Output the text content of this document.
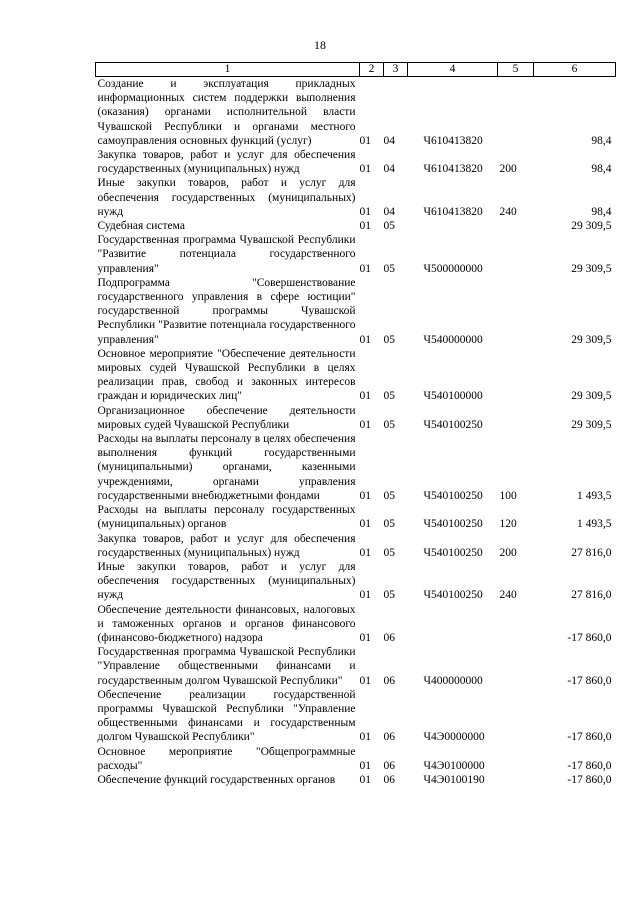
18
1	2	3	4	5	6
Создание и эксплуатация прикладных информационных систем поддержки выполнения (оказания) органами исполнительной власти Чувашской Республики и органами местного самоуправления основных функций (услуг)	01	04	Ч610413820		98,4
Закупка товаров, работ и услуг для обеспечения государственных (муниципальных) нужд	01	04	Ч610413820	200	98,4
Иные закупки товаров, работ и услуг для обеспечения государственных (муниципальных) нужд	01	04	Ч610413820	240	98,4
Судебная система	01	05			29 309,5
Государственная программа Чувашской Республики "Развитие потенциала государственного управления"	01	05	Ч500000000		29 309,5
Подпрограмма "Совершенствование государственного управления в сфере юстиции" государственной программы Чувашской Республики "Развитие потенциала государственного управления"	01	05	Ч540000000		29 309,5
Основное мероприятие "Обеспечение деятельности мировых судей Чувашской Республики в целях реализации прав, свобод и законных интересов граждан и юридических лиц"	01	05	Ч540100000		29 309,5
Организационное обеспечение деятельности мировых судей Чувашской Республики	01	05	Ч540100250		29 309,5
Расходы на выплаты персоналу в целях обеспечения выполнения функций государственными (муниципальными) органами, казенными учреждениями, органами управления государственными внебюджетными фондами	01	05	Ч540100250	100	1 493,5
Расходы на выплаты персоналу государственных (муниципальных) органов	01	05	Ч540100250	120	1 493,5
Закупка товаров, работ и услуг для обеспечения государственных (муниципальных) нужд	01	05	Ч540100250	200	27 816,0
Иные закупки товаров, работ и услуг для обеспечения государственных (муниципальных) нужд	01	05	Ч540100250	240	27 816,0
Обеспечение деятельности финансовых, налоговых и таможенных органов и органов финансового (финансово-бюджетного) надзора	01	06			-17 860,0
Государственная программа Чувашской Республики "Управление общественными финансами и государственным долгом Чувашской Республики"	01	06	Ч400000000		-17 860,0
Обеспечение реализации государственной программы Чувашской Республики "Управление общественными финансами и государственным долгом Чувашской Республики"	01	06	Ч4Э0000000		-17 860,0
Основное мероприятие "Общепрограммные расходы"	01	06	Ч4Э0100000		-17 860,0
Обеспечение функций государственных органов	01	06	Ч4Э0100190		-17 860,0
